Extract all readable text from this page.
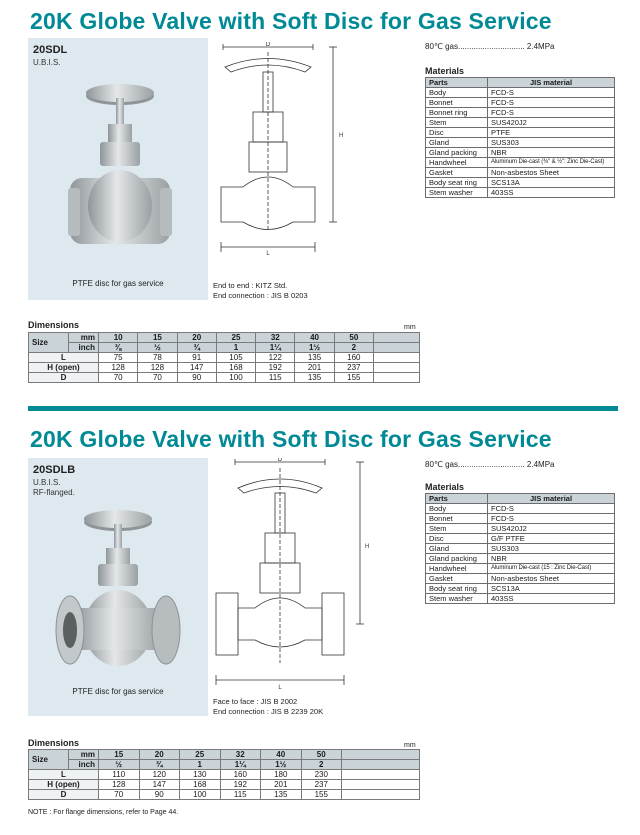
20K Globe Valve with Soft Disc for Gas Service
20SDL
U.B.I.S.
PTFE disc for gas service
D
H
L
End to end : KITZ Std.
End connection : JIS B 0203
80℃ gas.............................. 2.4MPa
Materials
Parts	JIS material
Body	FCD-S
Bonnet	FCD-S
Bonnet ring	FCD-S
Stem	SUS420J2
Disc	PTFE
Gland	SUS303
Gland packing	NBR
Handwheel	Aluminum Die-cast (⅜" & ½": Zinc Die-Cast)
Gasket	Non-asbestos Sheet
Body seat ring	SCS13A
Stem washer	403SS
Dimensions	mm
Size	mm	10	15	20	25	32	40	50	
	inch	⅜	½	¾	1	1¼	1½	2	
L		75	78	91	105	122	135	160	
H (open)		128	128	147	168	192	201	237	
D		70	70	90	100	115	135	155	
20K Globe Valve with Soft Disc for Gas Service
20SDLB
U.B.I.S.
RF-flanged.
PTFE disc for gas service
D
H
L
Face to face : JIS B 2002
End connection : JIS B 2239 20K
80℃ gas.............................. 2.4MPa
Materials
Parts	JIS material
Body	FCD-S
Bonnet	FCD-S
Stem	SUS420J2
Disc	G/F PTFE
Gland	SUS303
Gland packing	NBR
Handwheel	Aluminum Die-cast (15 : Zinc Die-Cast)
Gasket	Non-asbestos Sheet
Body seat ring	SCS13A
Stem washer	403SS
Dimensions	mm
Size	mm	15	20	25	32	40	50	
	inch	½	¾	1	1¼	1½	2	
L		110	120	130	160	180	230	
H (open)		128	147	168	192	201	237	
D		70	90	100	115	135	155	
NOTE : For flange dimensions, refer to Page 44.
